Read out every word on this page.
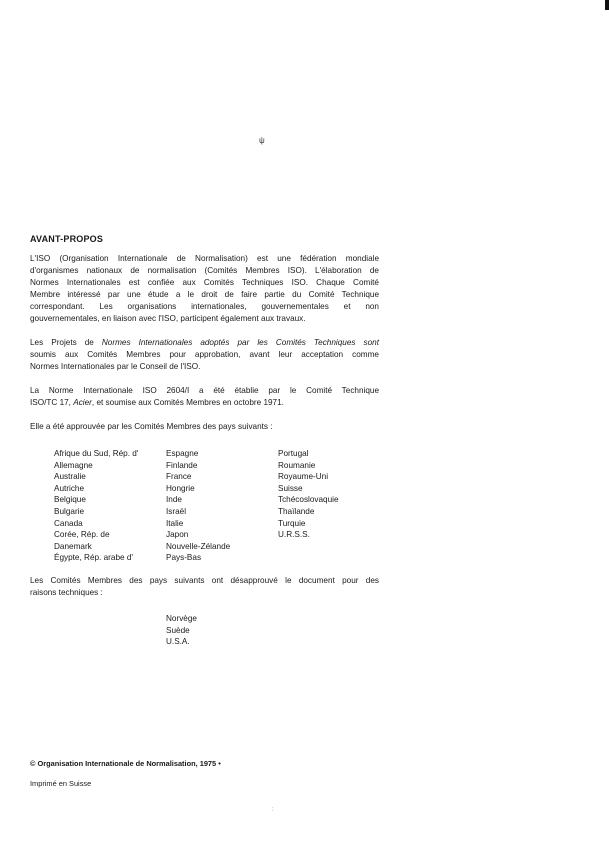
ψ
AVANT-PROPOS
L'ISO (Organisation Internationale de Normalisation) est une fédération mondiale
d'organismes nationaux de normalisation (Comités Membres ISO). L'élaboration de
Normes Internationales est confiée aux Comités Techniques ISO. Chaque Comité
Membre intéressé par une étude a le droit de faire partie du Comité Technique
correspondant. Les organisations internationales, gouvernementales et non
gouvernementales, en liaison avec l'ISO, participent également aux travaux.
Les Projets de Normes Internationales adoptés par les Comités Techniques sont
soumis aux Comités Membres pour approbation, avant leur acceptation comme
Normes Internationales par le Conseil de l'ISO.
La Norme Internationale ISO 2604/I a été établie par le Comité Technique
ISO/TC 17, Acier, et soumise aux Comités Membres en octobre 1971.
Elle a été approuvée par les Comités Membres des pays suivants :
Afrique du Sud, Rép. d'
Allemagne
Australie
Autriche
Belgique
Bulgarie
Canada
Corée, Rép. de
Danemark
Égypte, Rép. arabe d'
Espagne
Finlande
France
Hongrie
Inde
Israël
Italie
Japon
Nouvelle-Zélande
Pays-Bas
Portugal
Roumanie
Royaume-Uni
Suisse
Tchécoslovaquie
Thaïlande
Turquie
U.R.S.S.
Les Comités Membres des pays suivants ont désapprouvé le document pour des
raisons techniques :
Norvège
Suède
U.S.A.
© Organisation Internationale de Normalisation, 1975 •
Imprimé en Suisse
:
